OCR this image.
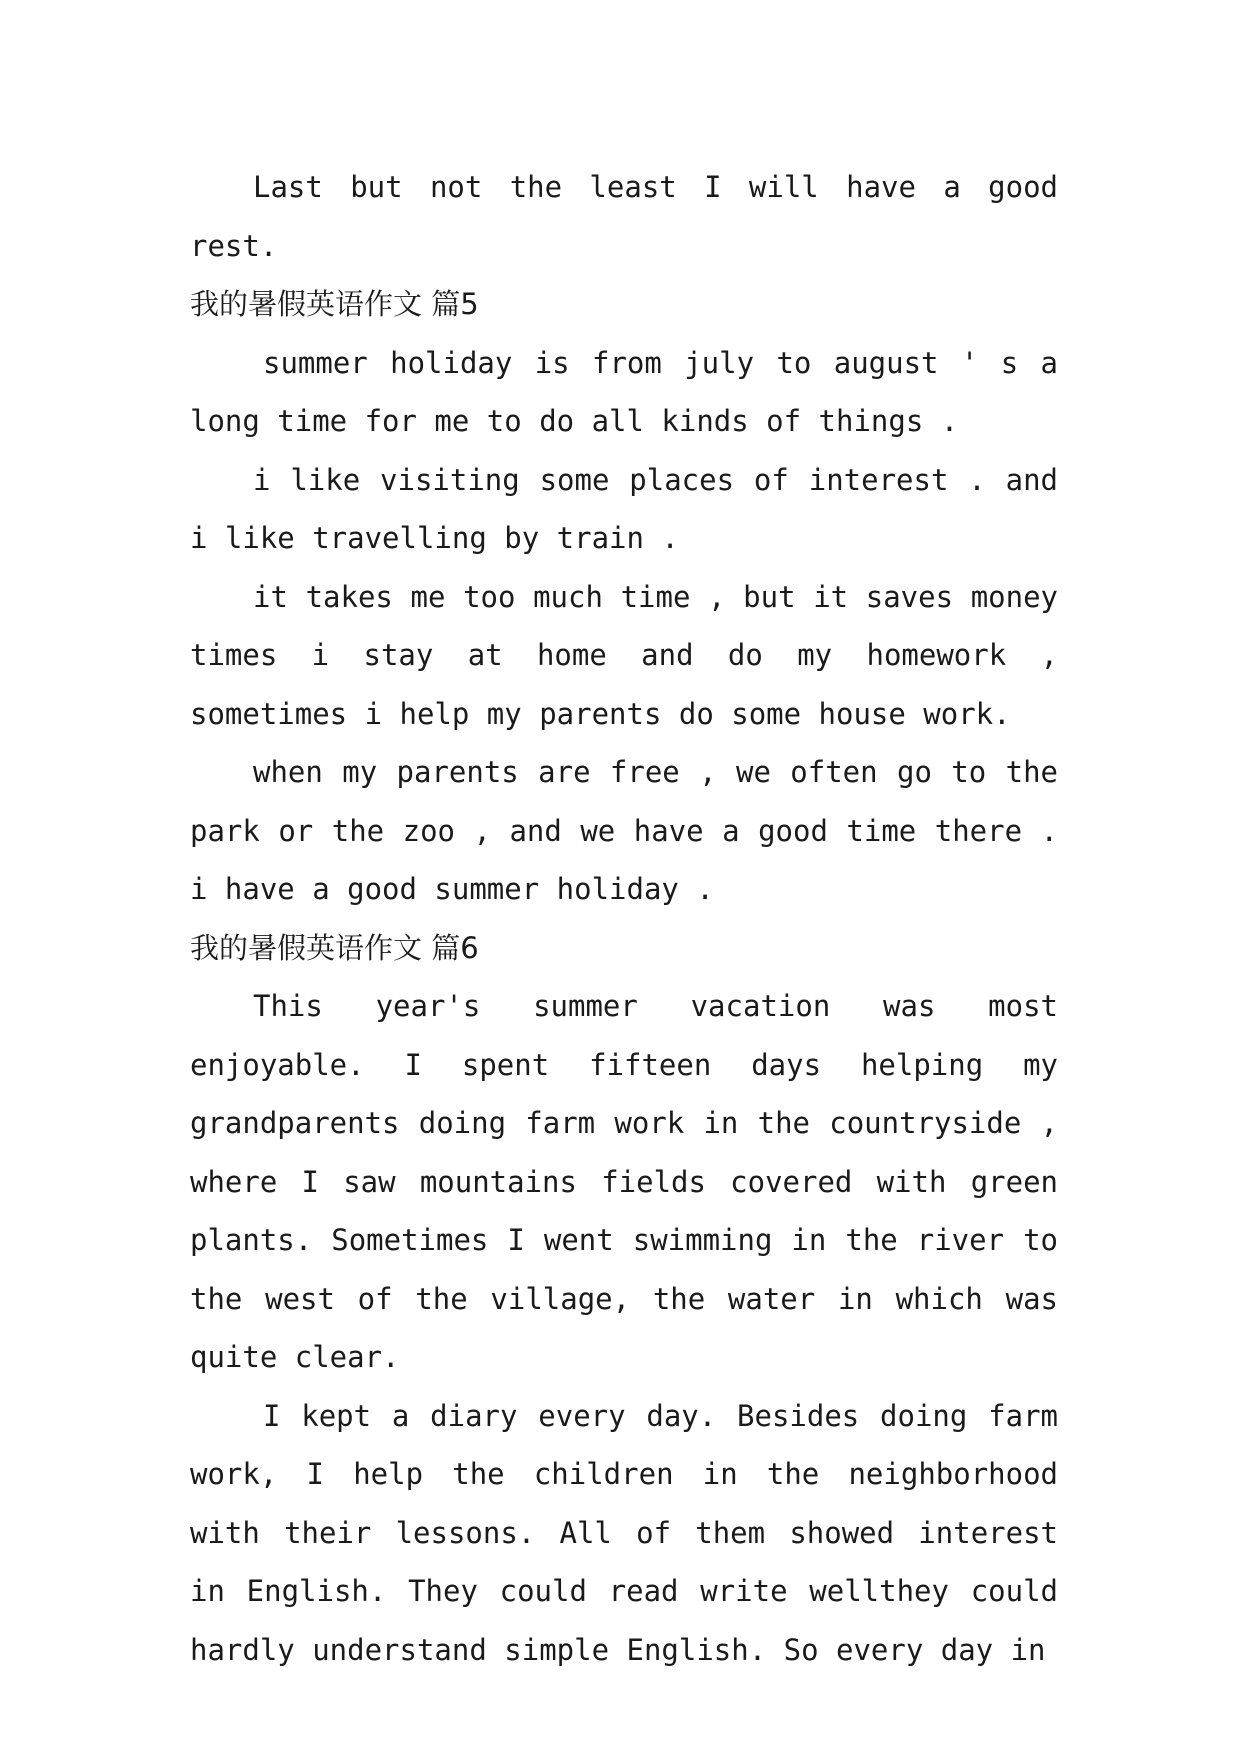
Last but not the least I will have a good rest.

我的暑假英语作文 篇5

summer holiday is from july to august ' s a long time for me to do all kinds of things .

i like visiting some places of interest . and i like travelling by train .

it takes me too much time , but it saves money times i stay at home and do my homework , sometimes i help my parents do some house work.

when my parents are free , we often go to the park or the zoo , and we have a good time there . i have a good summer holiday .

我的暑假英语作文 篇6

This year's summer vacation was most enjoyable. I spent fifteen days helping my grandparents doing farm work in the countryside , where I saw mountains fields covered with green plants. Sometimes I went swimming in the river to the west of the village, the water in which was quite clear.

I kept a diary every day. Besides doing farm work, I help the children in the neighborhood with their lessons. All of them showed interest in English. They could read write wellthey could hardly understand simple English. So every day in
